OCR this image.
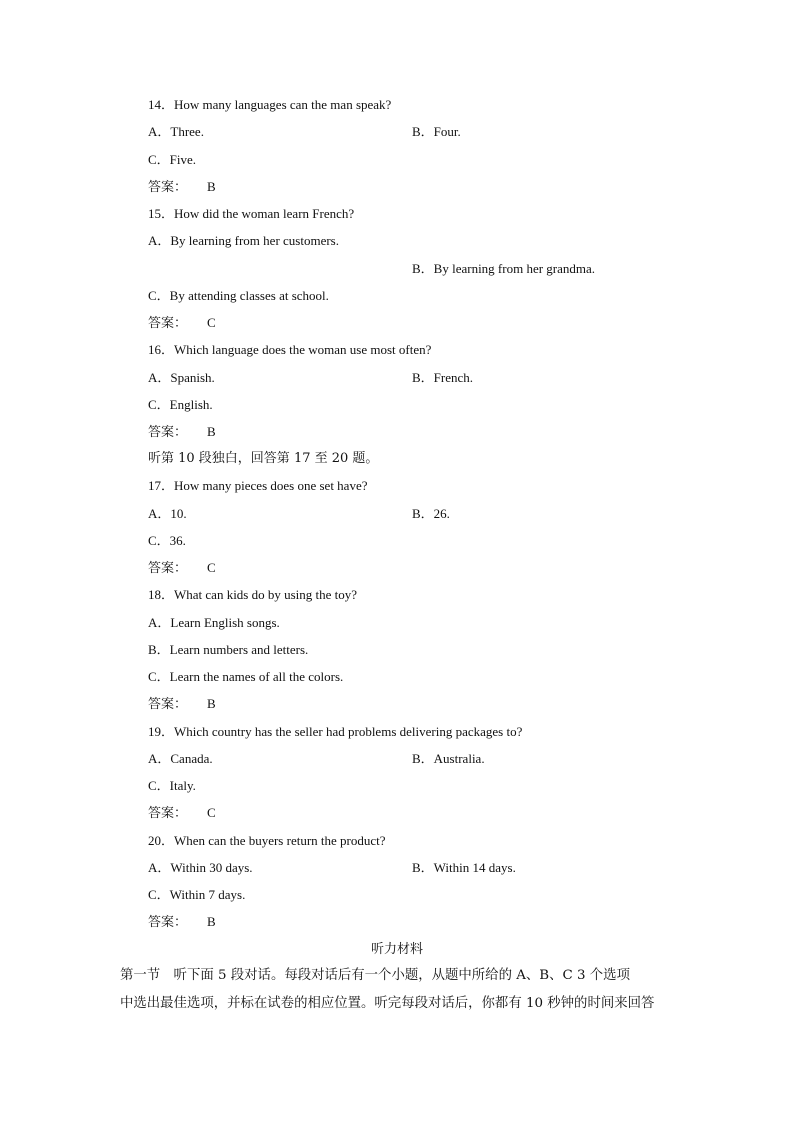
14．How many languages can the man speak?
A．Three.	B．Four.
C．Five.
答案： B
15．How did the woman learn French?
A．By learning from her customers.
B．By learning from her grandma.
C．By attending classes at school.
答案： C
16．Which language does the woman use most often?
A．Spanish.	B．French.
C．English.
答案： B
听第 10 段独白，回答第 17 至 20 题。
17．How many pieces does one set have?
A．10.	B．26.
C．36.
答案： C
18．What can kids do by using the toy?
A．Learn English songs.
B．Learn numbers and letters.
C．Learn the names of all the colors.
答案： B
19．Which country has the seller had problems delivering packages to?
A．Canada.	B．Australia.
C．Italy.
答案： C
20．When can the buyers return the product?
A．Within 30 days.	B．Within 14 days.
C．Within 7 days.
答案： B
听力材料
第一节　听下面 5 段对话。每段对话后有一个小题，从题中所给的 A、B、C 3 个选项
中选出最佳选项，并标在试卷的相应位置。听完每段对话后，你都有 10 秒钟的时间来回答
